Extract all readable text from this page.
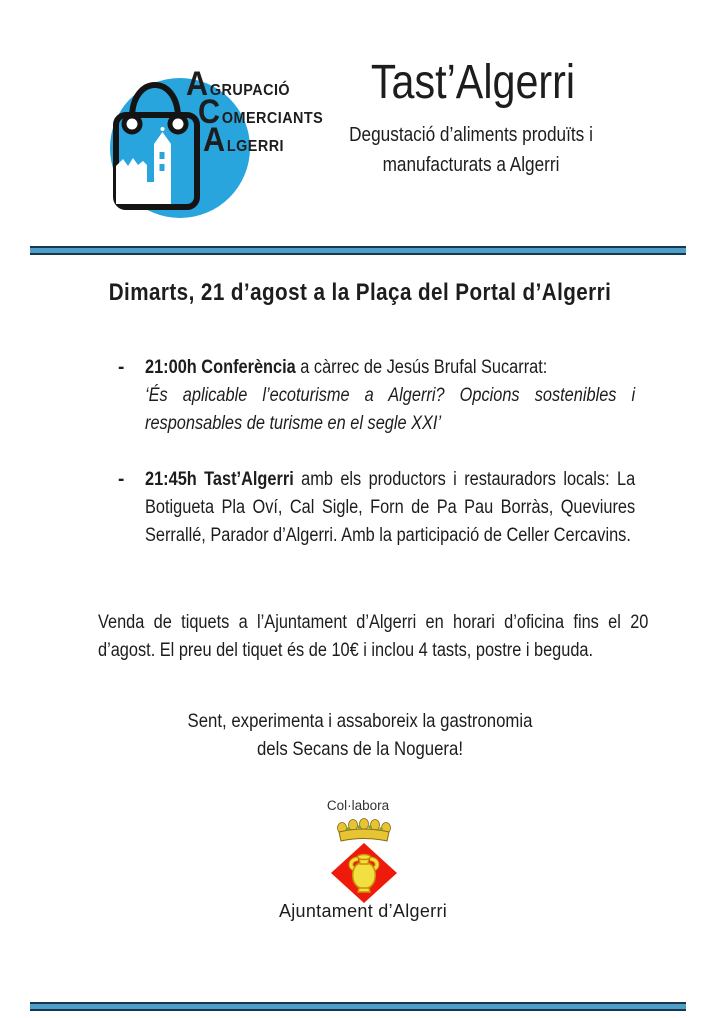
A GRUPACIÓ
C OMERCIANTS
A LGERRI
Tast’Algerri
Degustació d’aliments produïts i
manufacturats a Algerri
Dimarts, 21 d’agost a la Plaça del Portal d’Algerri
-	21:00h Conferència a càrrec de Jesús Brufal Sucarrat:
‘És aplicable l’ecoturisme a Algerri? Opcions sostenibles i responsables de turisme en el segle XXI’
-	21:45h Tast’Algerri amb els productors i restauradors locals: La Botigueta Pla Oví, Cal Sigle, Forn de Pa Pau Borràs, Queviures Serrallé, Parador d’Algerri. Amb la participació de Celler Cercavins.
Venda de tiquets a l’Ajuntament d’Algerri en horari d’oficina fins el 20 d’agost. El preu del tiquet és de 10€ i inclou 4 tasts, postre i beguda.
Sent, experimenta i assaboreix la gastronomia
dels Secans de la Noguera!
Col·labora
Ajuntament d’Algerri
